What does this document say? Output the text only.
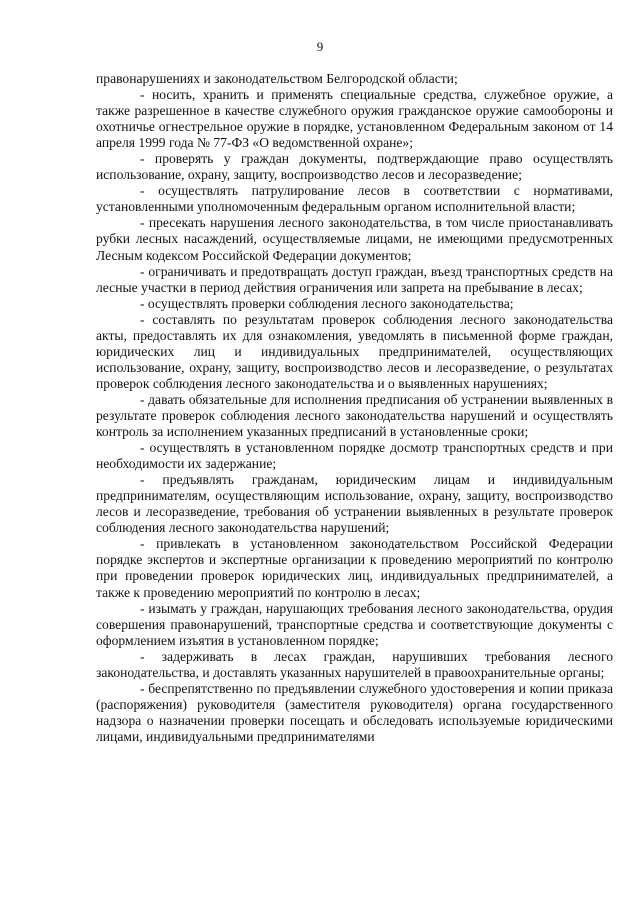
9

правонарушениях и законодательством Белгородской области;

- носить, хранить и применять специальные средства, служебное оружие, а также разрешенное в качестве служебного оружия гражданское оружие самообороны и охотничье огнестрельное оружие в порядке, установленном Федеральным законом от 14 апреля 1999 года № 77-ФЗ «О ведомственной охране»;

- проверять у граждан документы, подтверждающие право осуществлять использование, охрану, защиту, воспроизводство лесов и лесоразведение;

- осуществлять патрулирование лесов в соответствии с нормативами, установленными уполномоченным федеральным органом исполнительной власти;

- пресекать нарушения лесного законодательства, в том числе приостанавливать рубки лесных насаждений, осуществляемые лицами, не имеющими предусмотренных Лесным кодексом Российской Федерации документов;

- ограничивать и предотвращать доступ граждан, въезд транспортных средств на лесные участки в период действия ограничения или запрета на пребывание в лесах;

- осуществлять проверки соблюдения лесного законодательства;

- составлять по результатам проверок соблюдения лесного законодательства акты, предоставлять их для ознакомления, уведомлять в письменной форме граждан, юридических лиц и индивидуальных предпринимателей, осуществляющих использование, охрану, защиту, воспроизводство лесов и лесоразведение, о результатах проверок соблюдения лесного законодательства и о выявленных нарушениях;

- давать обязательные для исполнения предписания об устранении выявленных в результате проверок соблюдения лесного законодательства нарушений и осуществлять контроль за исполнением указанных предписаний в установленные сроки;

- осуществлять в установленном порядке досмотр транспортных средств и при необходимости их задержание;

- предъявлять гражданам, юридическим лицам и индивидуальным предпринимателям, осуществляющим использование, охрану, защиту, воспроизводство лесов и лесоразведение, требования об устранении выявленных в результате проверок соблюдения лесного законодательства нарушений;

- привлекать в установленном законодательством Российской Федерации порядке экспертов и экспертные организации к проведению мероприятий по контролю при проведении проверок юридических лиц, индивидуальных предпринимателей, а также к проведению мероприятий по контролю в лесах;

- изымать у граждан, нарушающих требования лесного законодательства, орудия совершения правонарушений, транспортные средства и соответствующие документы с оформлением изъятия в установленном порядке;

- задерживать в лесах граждан, нарушивших требования лесного законодательства, и доставлять указанных нарушителей в правоохранительные органы;

- беспрепятственно по предъявлении служебного удостоверения и копии приказа (распоряжения) руководителя (заместителя руководителя) органа государственного надзора о назначении проверки посещать и обследовать используемые юридическими лицами, индивидуальными предпринимателями
